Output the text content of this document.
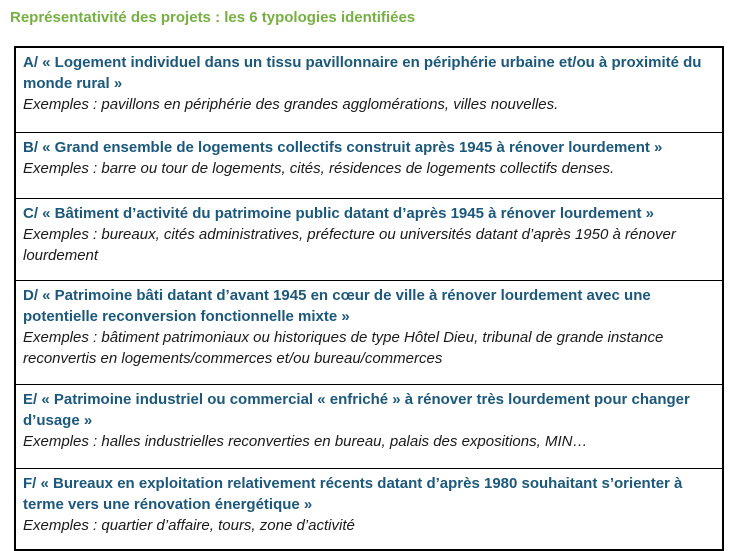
Représentativité des projets : les 6 typologies identifiées
A/ « Logement individuel dans un tissu pavillonnaire en périphérie urbaine et/ou à proximité du monde rural »
Exemples : pavillons en périphérie des grandes agglomérations, villes nouvelles.

B/ « Grand ensemble de logements collectifs construit après 1945 à rénover lourdement »
Exemples : barre ou tour de logements, cités, résidences de logements collectifs denses.

C/ « Bâtiment d’activité du patrimoine public datant d’après 1945 à rénover lourdement »
Exemples : bureaux, cités administratives, préfecture ou universités datant d’après 1950 à rénover lourdement

D/ « Patrimoine bâti datant d’avant 1945 en cœur de ville à rénover lourdement avec une potentielle reconversion fonctionnelle mixte »
Exemples : bâtiment patrimoniaux ou historiques de type Hôtel Dieu, tribunal de grande instance reconvertis en logements/commerces et/ou bureau/commerces

E/ « Patrimoine industriel ou commercial « enfriché » à rénover très lourdement pour changer d’usage »
Exemples : halles industrielles reconverties en bureau, palais des expositions, MIN…

F/ « Bureaux en exploitation relativement récents datant d’après 1980 souhaitant s’orienter à terme vers une rénovation énergétique »
Exemples : quartier d’affaire, tours, zone d’activité
